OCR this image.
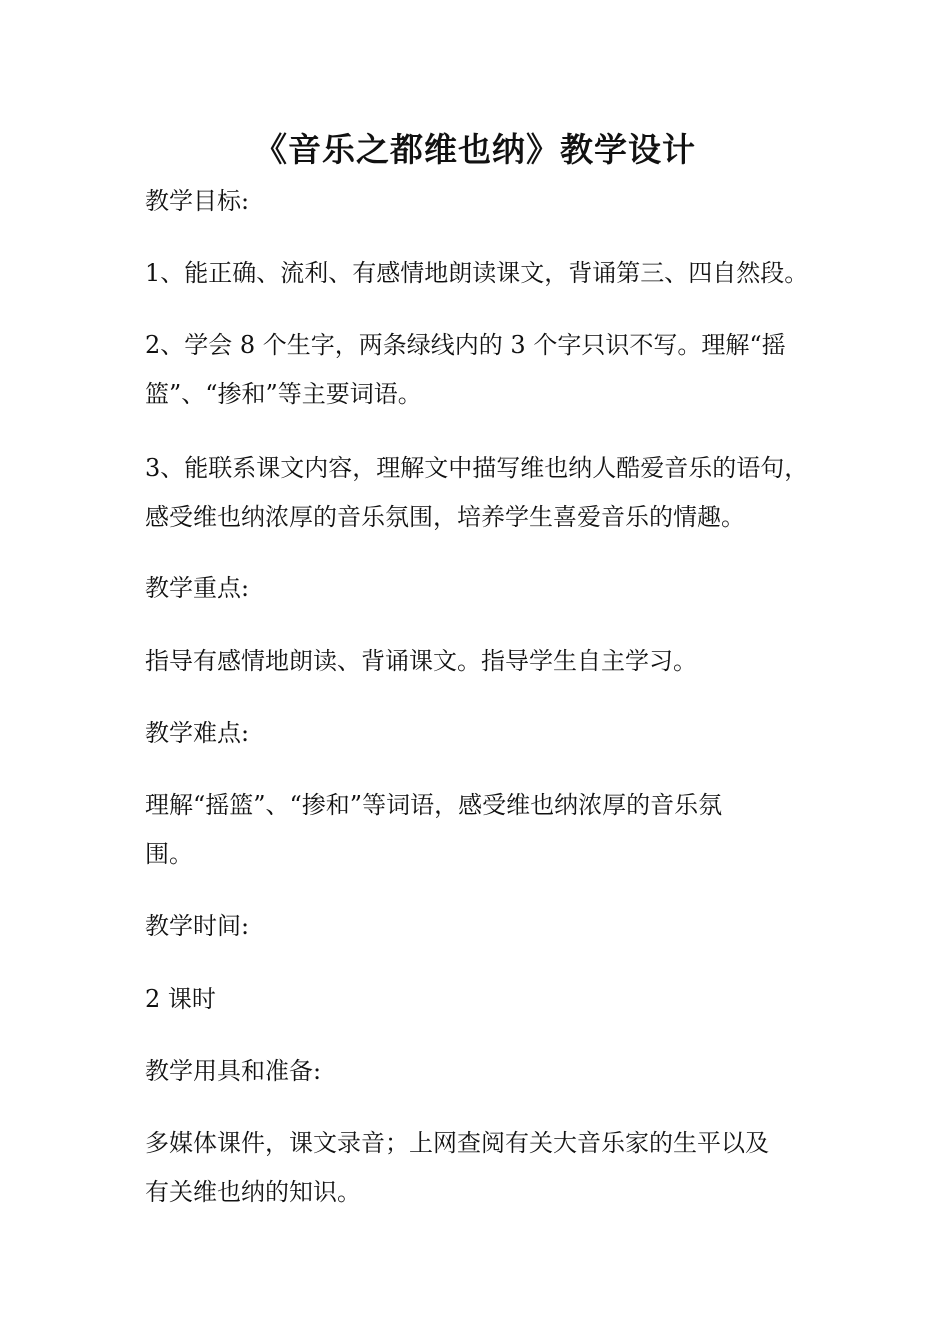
《音乐之都维也纳》教学设计
教学目标:
1、能正确、流利、有感情地朗读课文，背诵第三、四自然段。
2、学会 8 个生字，两条绿线内的 3 个字只识不写。理解“摇
篮”、“掺和”等主要词语。
3、能联系课文内容，理解文中描写维也纳人酷爱音乐的语句，
感受维也纳浓厚的音乐氛围，培养学生喜爱音乐的情趣。
教学重点:
指导有感情地朗读、背诵课文。指导学生自主学习。
教学难点:
理解“摇篮”、“掺和”等词语，感受维也纳浓厚的音乐氛
围。
教学时间:
2 课时
教学用具和准备:
多媒体课件，课文录音；上网查阅有关大音乐家的生平以及
有关维也纳的知识。
